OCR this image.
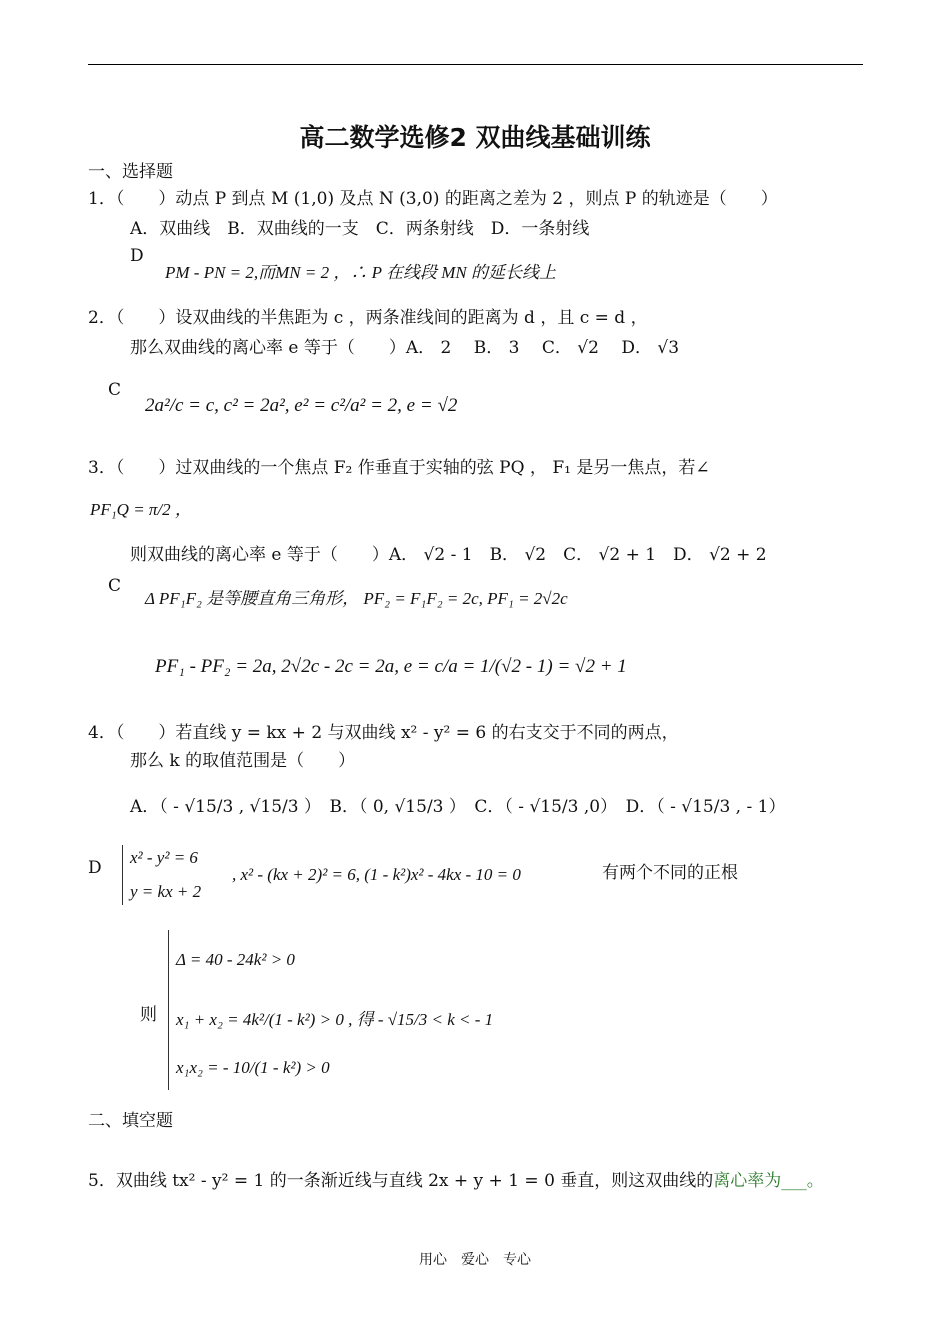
高二数学选修2 双曲线基础训练
一、选择题
1．（　　）动点 P 到点 M (1,0) 及点 N (3,0) 的距离之差为 2 ，则点 P 的轨迹是（　　）
A．双曲线　B．双曲线的一支　C．两条射线　D．一条射线
D
PM - PN = 2,而MN = 2 ，∴ P 在线段 MN 的延长线上
2．（　　）设双曲线的半焦距为 c ，两条准线间的距离为 d ，且 c = d ，
那么双曲线的离心率 e 等于（　　）A． 2　 B． 3　 C． √2　 D． √3
C
2a²/c = c, c² = 2a², e² = c²/a² = 2, e = √2
3．（　　）过双曲线的一个焦点 F₂ 作垂直于实轴的弦 PQ ， F₁ 是另一焦点，若∠
PF₁Q = π/2 ，
则双曲线的离心率 e 等于（　　）A． √2 - 1　B． √2　C． √2 + 1　D． √2 + 2
C
Δ PF₁F₂ 是等腰直角三角形， PF₂ = F₁F₂ = 2c, PF₁ = 2√2c
PF₁ - PF₂ = 2a, 2√2c - 2c = 2a, e = c/a = 1/(√2 - 1) = √2 + 1
4．（　　）若直线 y = kx + 2 与双曲线 x² - y² = 6 的右支交于不同的两点，
那么 k 的取值范围是（　　）
A．（ - √15/3 , √15/3 ）　B．（ 0, √15/3 ）　C．（ - √15/3 ,0）　D．（ - √15/3 , - 1）
D
x² - y² = 6
y = kx + 2
, x² - (kx + 2)² = 6, (1 - k²)x² - 4kx - 10 = 0	有两个不同的正根
则
Δ = 40 - 24k² > 0
x₁ + x₂ = 4k²/(1 - k²) > 0 , 得 - √15/3 < k < - 1
x₁x₂ = - 10/(1 - k²) > 0
二、填空题
5．双曲线 tx² - y² = 1 的一条渐近线与直线 2x + y + 1 = 0 垂直，则这双曲线的离心率为___。
用心　爱心　专心
